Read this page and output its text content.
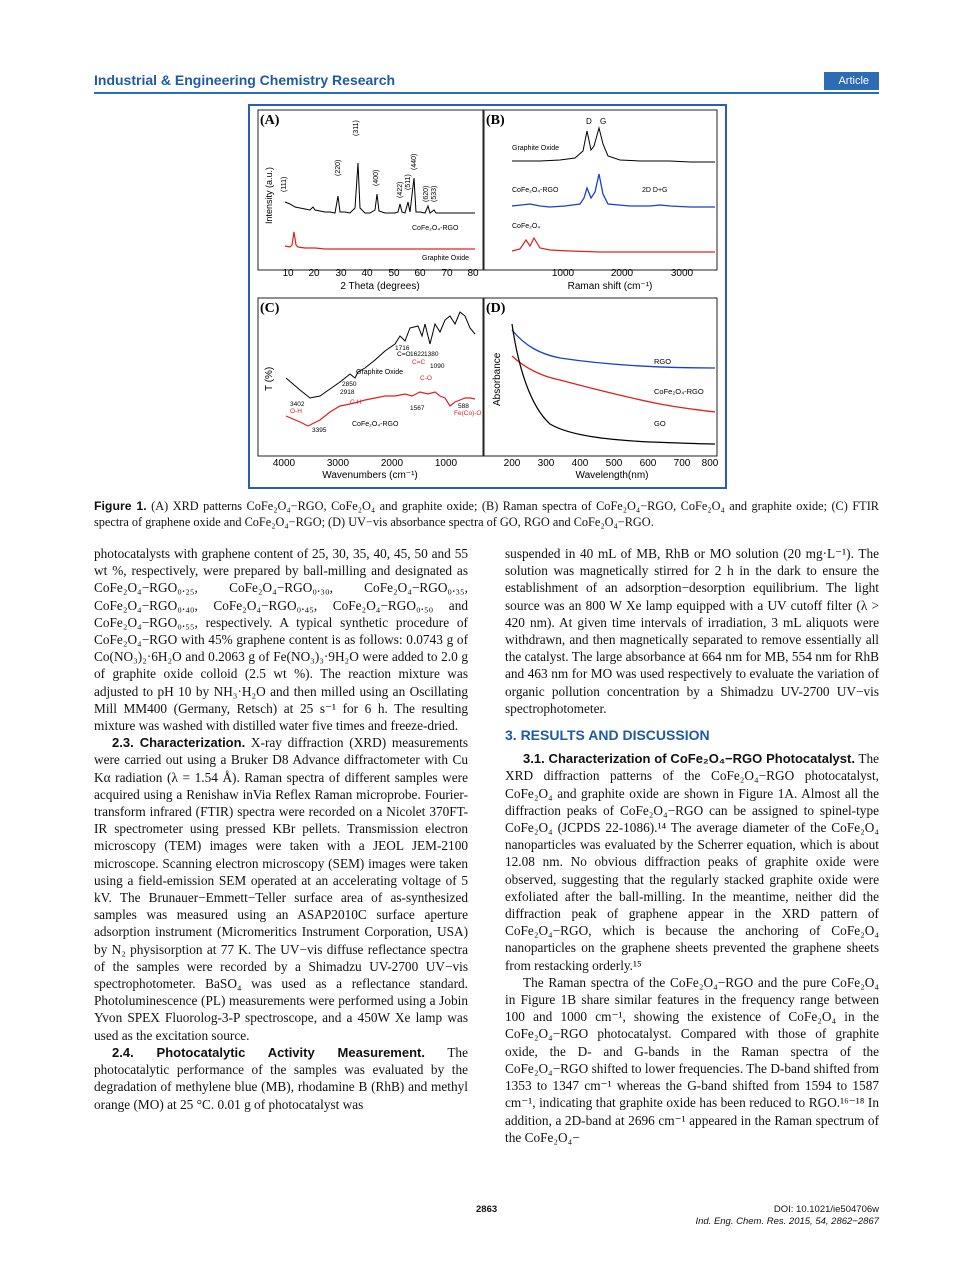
Industrial & Engineering Chemistry Research	Article
(A)	(B)
(C)	(D)
Intensity (a.u.) (111)
(220)
(311)
(400)
(422) (511)
(440)
(620) (533)
CoFe₂O₄-RGO
Graphite Oxide
10 20 30 40 50 60 70 80
2 Theta (degrees)
Graphite Oxide
D G
CoFe₂O₄-RGO	2D D+G
CoFe₂O₄
1000	2000	3000
Raman shift (cm⁻¹)
T (%)
1716
C=O 1622 1380
C=C
1090
C-O
2850
2918
C-H
3402
O-H	1567	588
Fe(Co)-O
3395
Graphite Oxide
CoFe₂O₄-RGO
4000	3000	2000	1000
Wavenumbers (cm⁻¹)
Absorbance	RGO
CoFe₂O₄-RGO
GO
200 300 400 500 600 700 800
Wavelength(nm)
Figure 1. (A) XRD patterns CoFe₂O₄−RGO, CoFe₂O₄ and graphite oxide; (B) Raman spectra of CoFe₂O₄−RGO, CoFe₂O₄ and graphite oxide; (C) FTIR spectra of graphene oxide and CoFe₂O₄−RGO; (D) UV−vis absorbance spectra of GO, RGO and CoFe₂O₄−RGO.

photocatalysts with graphene content of 25, 30, 35, 40, 45, 50 and 55 wt %, respectively, were prepared by ball-milling and designated as CoFe₂O₄−RGO₀.₂₅, CoFe₂O₄−RGO₀.₃₀, CoFe₂O₄−RGO₀.₃₅, CoFe₂O₄−RGO₀.₄₀, CoFe₂O₄−RGO₀.₄₅, CoFe₂O₄−RGO₀.₅₀ and CoFe₂O₄−RGO₀.₅₅, respectively. A typical synthetic procedure of CoFe₂O₄−RGO with 45% graphene content is as follows: 0.0743 g of Co(NO₃)₂·6H₂O and 0.2063 g of Fe(NO₃)₃·9H₂O were added to 2.0 g of graphite oxide colloid (2.5 wt %). The reaction mixture was adjusted to pH 10 by NH₃·H₂O and then milled using an Oscillating Mill MM400 (Germany, Retsch) at 25 s⁻¹ for 6 h. The resulting mixture was washed with distilled water five times and freeze-dried.

2.3. Characterization. X-ray diffraction (XRD) measurements were carried out using a Bruker D8 Advance diffractometer with Cu Kα radiation (λ = 1.54 Å). Raman spectra of different samples were acquired using a Renishaw inVia Reflex Raman microprobe. Fourier-transform infrared (FTIR) spectra were recorded on a Nicolet 370FT-IR spectrometer using pressed KBr pellets. Transmission electron microscopy (TEM) images were taken with a JEOL JEM-2100 microscope. Scanning electron microscopy (SEM) images were taken using a field-emission SEM operated at an accelerating voltage of 5 kV. The Brunauer−Emmett−Teller surface area of as-synthesized samples was measured using an ASAP2010C surface aperture adsorption instrument (Micromeritics Instrument Corporation, USA) by N₂ physisorption at 77 K. The UV−vis diffuse reflectance spectra of the samples were recorded by a Shimadzu UV-2700 UV−vis spectrophotometer. BaSO₄ was used as a reflectance standard. Photoluminescence (PL) measurements were performed using a Jobin Yvon SPEX Fluorolog-3-P spectroscope, and a 450W Xe lamp was used as the excitation source.

2.4. Photocatalytic Activity Measurement. The photocatalytic performance of the samples was evaluated by the degradation of methylene blue (MB), rhodamine B (RhB) and methyl orange (MO) at 25 °C. 0.01 g of photocatalyst was

suspended in 40 mL of MB, RhB or MO solution (20 mg·L⁻¹). The solution was magnetically stirred for 2 h in the dark to ensure the establishment of an adsorption−desorption equilibrium. The light source was an 800 W Xe lamp equipped with a UV cutoff filter (λ > 420 nm). At given time intervals of irradiation, 3 mL aliquots were withdrawn, and then magnetically separated to remove essentially all the catalyst. The large absorbance at 664 nm for MB, 554 nm for RhB and 463 nm for MO was used respectively to evaluate the variation of organic pollution concentration by a Shimadzu UV-2700 UV−vis spectrophotometer.

3. RESULTS AND DISCUSSION

3.1. Characterization of CoFe₂O₄−RGO Photocatalyst. The XRD diffraction patterns of the CoFe₂O₄−RGO photocatalyst, CoFe₂O₄ and graphite oxide are shown in Figure 1A. Almost all the diffraction peaks of CoFe₂O₄−RGO can be assigned to spinel-type CoFe₂O₄ (JCPDS 22-1086).¹⁴ The average diameter of the CoFe₂O₄ nanoparticles was evaluated by the Scherrer equation, which is about 12.08 nm. No obvious diffraction peaks of graphite oxide were observed, suggesting that the regularly stacked graphite oxide were exfoliated after the ball-milling. In the meantime, neither did the diffraction peak of graphene appear in the XRD pattern of CoFe₂O₄−RGO, which is because the anchoring of CoFe₂O₄ nanoparticles on the graphene sheets prevented the graphene sheets from restacking orderly.¹⁵

The Raman spectra of the CoFe₂O₄−RGO and the pure CoFe₂O₄ in Figure 1B share similar features in the frequency range between 100 and 1000 cm⁻¹, showing the existence of CoFe₂O₄ in the CoFe₂O₄−RGO photocatalyst. Compared with those of graphite oxide, the D- and G-bands in the Raman spectra of the CoFe₂O₄−RGO shifted to lower frequencies. The D-band shifted from 1353 to 1347 cm⁻¹ whereas the G-band shifted from 1594 to 1587 cm⁻¹, indicating that graphite oxide has been reduced to RGO.¹⁶⁻¹⁸ In addition, a 2D-band at 2696 cm⁻¹ appeared in the Raman spectrum of the CoFe₂O₄−

2863	DOI: 10.1021/ie504706w
Ind. Eng. Chem. Res. 2015, 54, 2862−2867
